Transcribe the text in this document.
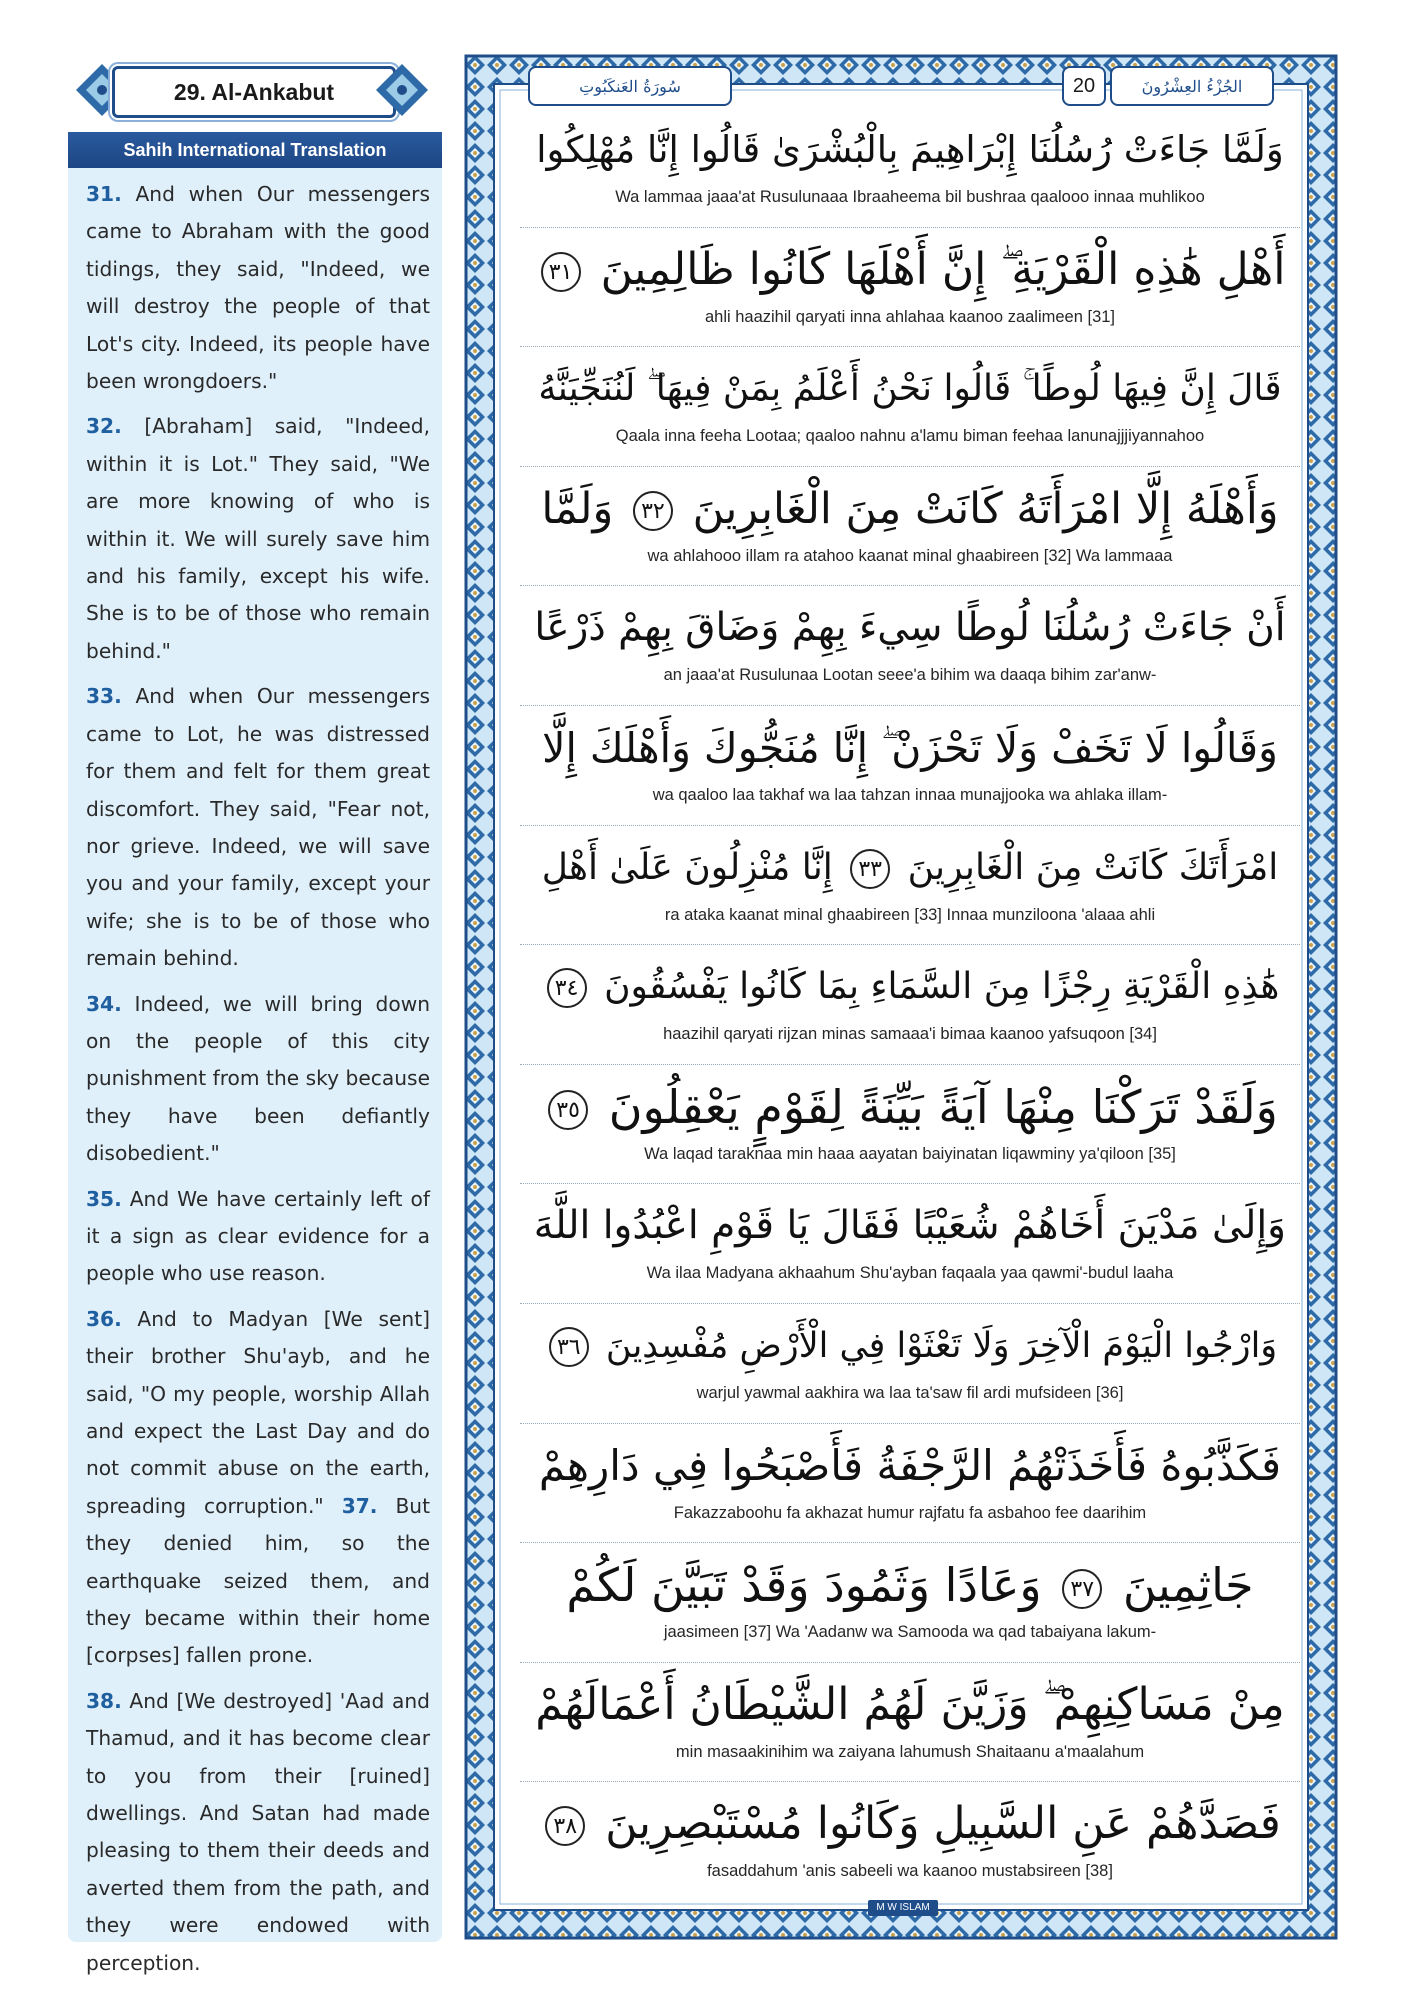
29. Al-Ankabut
Sahih International Translation

31. And when Our messengers came to Abraham with the good tidings, they said, "Indeed, we will destroy the people of that Lot's city. Indeed, its people have been wrongdoers."

32. [Abraham] said, "Indeed, within it is Lot." They said, "We are more knowing of who is within it. We will surely save him and his family, except his wife. She is to be of those who remain behind."

33. And when Our messengers came to Lot, he was distressed for them and felt for them great discomfort. They said, "Fear not, nor grieve. Indeed, we will save you and your family, except your wife; she is to be of those who remain behind.

34. Indeed, we will bring down on the people of this city punishment from the sky because they have been defiantly disobedient."

35. And We have certainly left of it a sign as clear evidence for a people who use reason.

36. And to Madyan [We sent] their brother Shu'ayb, and he said, "O my people, worship Allah and expect the Last Day and do not commit abuse on the earth, spreading corruption." 37. But they denied him, so the earthquake seized them, and they became within their home [corpses] fallen prone.

38. And [We destroyed] 'Aad and Thamud, and it has become clear to you from their [ruined] dwellings. And Satan had made pleasing to them their deeds and averted them from the path, and they were endowed with perception.

سُورَةُ العَنكَبُوتِ	20	الجُزْءُ العِشْرُونَ
وَلَمَّا جَاءَتْ رُسُلُنَا إِبْرَاهِيمَ بِالْبُشْرَىٰ قَالُوا إِنَّا مُهْلِكُوا
Wa lammaa jaaa'at Rusulunaaa Ibraaheema bil bushraa qaalooo innaa muhlikoo
أَهْلِ هَٰذِهِ الْقَرْيَةِ ۖ إِنَّ أَهْلَهَا كَانُوا ظَالِمِينَ ٣١
ahli haazihil qaryati inna ahlahaa kaanoo zaalimeen [31]
قَالَ إِنَّ فِيهَا لُوطًا ۚ قَالُوا نَحْنُ أَعْلَمُ بِمَنْ فِيهَا ۖ لَنُنَجِّيَنَّهُ
Qaala inna feeha Lootaa; qaaloo nahnu a'lamu biman feehaa lanunajjjiyannahoo
وَأَهْلَهُ إِلَّا امْرَأَتَهُ كَانَتْ مِنَ الْغَابِرِينَ ٣٢ وَلَمَّا
wa ahlahooo illam ra atahoo kaanat minal ghaabireen [32] Wa lammaaa
أَنْ جَاءَتْ رُسُلُنَا لُوطًا سِيءَ بِهِمْ وَضَاقَ بِهِمْ ذَرْعًا
an jaaa'at Rusulunaa Lootan seee'a bihim wa daaqa bihim zar'anw-
وَقَالُوا لَا تَخَفْ وَلَا تَحْزَنْ ۖ إِنَّا مُنَجُّوكَ وَأَهْلَكَ إِلَّا
wa qaaloo laa takhaf wa laa tahzan innaa munajjooka wa ahlaka illam-
امْرَأَتَكَ كَانَتْ مِنَ الْغَابِرِينَ ٣٣ إِنَّا مُنْزِلُونَ عَلَىٰ أَهْلِ
ra ataka kaanat minal ghaabireen [33] Innaa munziloona 'alaaa ahli
هَٰذِهِ الْقَرْيَةِ رِجْزًا مِنَ السَّمَاءِ بِمَا كَانُوا يَفْسُقُونَ ٣٤
haazihil qaryati rijzan minas samaaa'i bimaa kaanoo yafsuqoon [34]
وَلَقَدْ تَرَكْنَا مِنْهَا آيَةً بَيِّنَةً لِقَوْمٍ يَعْقِلُونَ ٣٥
Wa laqad taraknaa min haaa aayatan baiyinatan liqawminy ya'qiloon [35]
وَإِلَىٰ مَدْيَنَ أَخَاهُمْ شُعَيْبًا فَقَالَ يَا قَوْمِ اعْبُدُوا اللَّهَ
Wa ilaa Madyana akhaahum Shu'ayban faqaala yaa qawmi'-budul laaha
وَارْجُوا الْيَوْمَ الْآخِرَ وَلَا تَعْثَوْا فِي الْأَرْضِ مُفْسِدِينَ ٣٦
warjul yawmal aakhira wa laa ta'saw fil ardi mufsideen [36]
فَكَذَّبُوهُ فَأَخَذَتْهُمُ الرَّجْفَةُ فَأَصْبَحُوا فِي دَارِهِمْ
Fakazzaboohu fa akhazat humur rajfatu fa asbahoo fee daarihim
جَاثِمِينَ ٣٧ وَعَادًا وَثَمُودَ وَقَدْ تَبَيَّنَ لَكُمْ
jaasimeen [37] Wa 'Aadanw wa Samooda wa qad tabaiyana lakum-
مِنْ مَسَاكِنِهِمْ ۖ وَزَيَّنَ لَهُمُ الشَّيْطَانُ أَعْمَالَهُمْ
min masaakinihim wa zaiyana lahumush Shaitaanu a'maalahum
فَصَدَّهُمْ عَنِ السَّبِيلِ وَكَانُوا مُسْتَبْصِرِينَ ٣٨
fasaddahum 'anis sabeeli wa kaanoo mustabsireen [38]
M W ISLAM
